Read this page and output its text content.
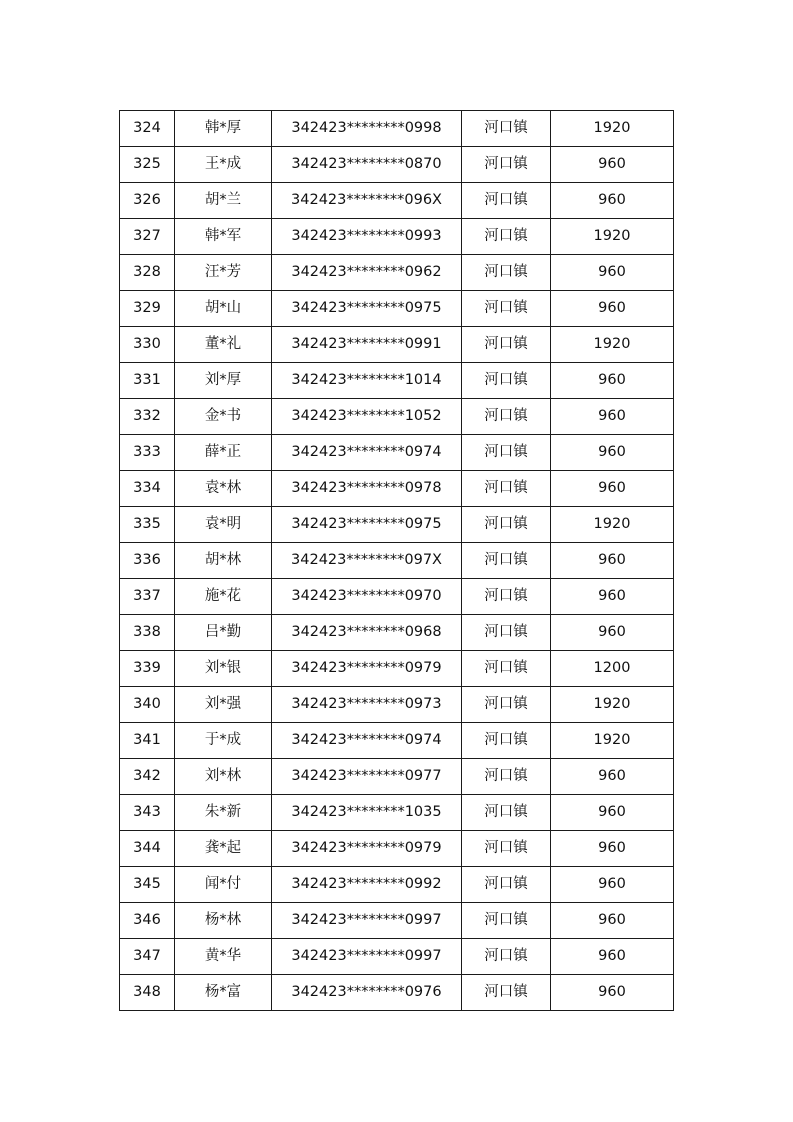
324	韩*厚	342423********0998	河口镇	1920
325	王*成	342423********0870	河口镇	960
326	胡*兰	342423********096X	河口镇	960
327	韩*军	342423********0993	河口镇	1920
328	汪*芳	342423********0962	河口镇	960
329	胡*山	342423********0975	河口镇	960
330	董*礼	342423********0991	河口镇	1920
331	刘*厚	342423********1014	河口镇	960
332	金*书	342423********1052	河口镇	960
333	薛*正	342423********0974	河口镇	960
334	袁*林	342423********0978	河口镇	960
335	袁*明	342423********0975	河口镇	1920
336	胡*林	342423********097X	河口镇	960
337	施*花	342423********0970	河口镇	960
338	吕*勤	342423********0968	河口镇	960
339	刘*银	342423********0979	河口镇	1200
340	刘*强	342423********0973	河口镇	1920
341	于*成	342423********0974	河口镇	1920
342	刘*林	342423********0977	河口镇	960
343	朱*新	342423********1035	河口镇	960
344	龚*起	342423********0979	河口镇	960
345	闻*付	342423********0992	河口镇	960
346	杨*林	342423********0997	河口镇	960
347	黄*华	342423********0997	河口镇	960
348	杨*富	342423********0976	河口镇	960
